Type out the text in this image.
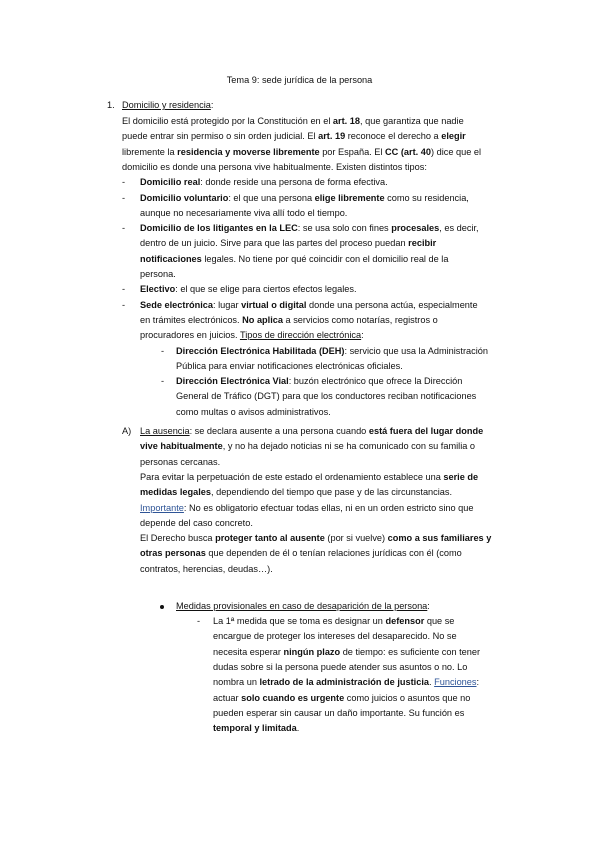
Tema 9: sede jurídica de la persona
1. Domicilio y residencia:
El domicilio está protegido por la Constitución en el art. 18, que garantiza que nadie
puede entrar sin permiso o sin orden judicial. El art. 19 reconoce el derecho a elegir
libremente la residencia y moverse libremente por España. El CC (art. 40) dice que el
domicilio es donde una persona vive habitualmente. Existen distintos tipos:
- Domicilio real: donde reside una persona de forma efectiva.
- Domicilio voluntario: el que una persona elige libremente como su residencia,
aunque no necesariamente viva allí todo el tiempo.
- Domicilio de los litigantes en la LEC: se usa solo con fines procesales, es decir,
dentro de un juicio. Sirve para que las partes del proceso puedan recibir
notificaciones legales. No tiene por qué coincidir con el domicilio real de la
persona.
- Electivo: el que se elige para ciertos efectos legales.
- Sede electrónica: lugar virtual o digital donde una persona actúa, especialmente
en trámites electrónicos. No aplica a servicios como notarías, registros o
procuradores en juicios. Tipos de dirección electrónica:
- Dirección Electrónica Habilitada (DEH): servicio que usa la Administración
Pública para enviar notificaciones electrónicas oficiales.
- Dirección Electrónica Vial: buzón electrónico que ofrece la Dirección
General de Tráfico (DGT) para que los conductores reciban notificaciones
como multas o avisos administrativos.
A) La ausencia: se declara ausente a una persona cuando está fuera del lugar donde
vive habitualmente, y no ha dejado noticias ni se ha comunicado con su familia o
personas cercanas.
Para evitar la perpetuación de este estado el ordenamiento establece una serie de
medidas legales, dependiendo del tiempo que pase y de las circunstancias.
Importante: No es obligatorio efectuar todas ellas, ni en un orden estricto sino que
depende del caso concreto.
El Derecho busca proteger tanto al ausente (por si vuelve) como a sus familiares y
otras personas que dependen de él o tenían relaciones jurídicas con él (como
contratos, herencias, deudas…).
Medidas provisionales en caso de desaparición de la persona:
- La 1ª medida que se toma es designar un defensor que se
encargue de proteger los intereses del desaparecido. No se
necesita esperar ningún plazo de tiempo: es suficiente con tener
dudas sobre si la persona puede atender sus asuntos o no. Lo
nombra un letrado de la administración de justicia. Funciones:
actuar solo cuando es urgente como juicios o asuntos que no
pueden esperar sin causar un daño importante. Su función es
temporal y limitada.
